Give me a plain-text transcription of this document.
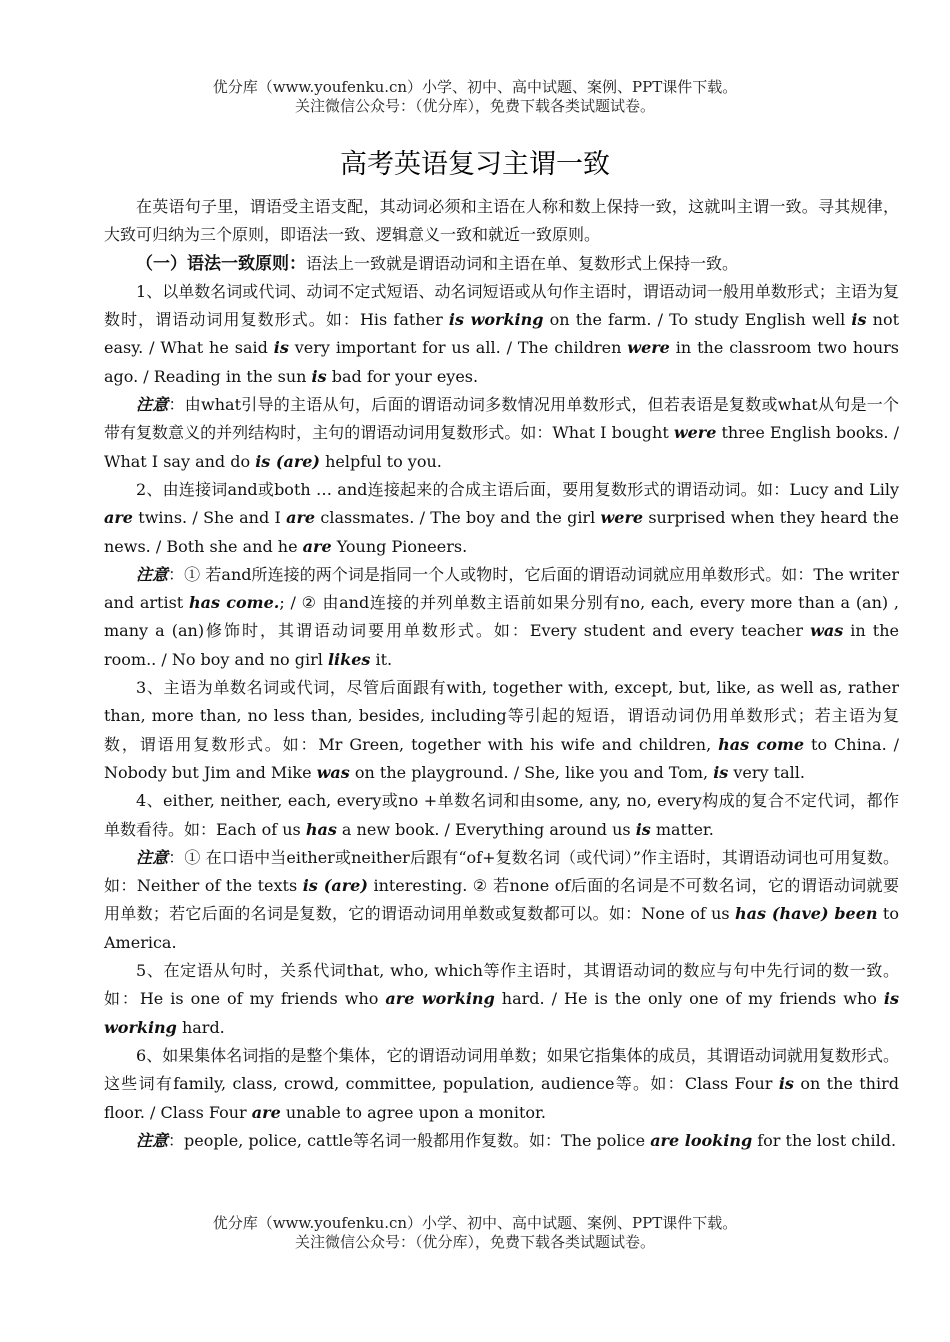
优分库（www.youfenku.cn）小学、初中、高中试题、案例、PPT课件下载。
关注微信公众号：（优分库），免费下载各类试题试卷。
高考英语复习主谓一致

在英语句子里，谓语受主语支配，其动词必须和主语在人称和数上保持一致，这就叫主谓一致。寻其规律，大致可归纳为三个原则，即语法一致、逻辑意义一致和就近一致原则。

（一）语法一致原则：语法上一致就是谓语动词和主语在单、复数形式上保持一致。

1、以单数名词或代词、动词不定式短语、动名词短语或从句作主语时，谓语动词一般用单数形式；主语为复数时，谓语动词用复数形式。如：His father is working on the farm. / To study English well is not easy. / What he said is very important for us all. / The children were in the classroom two hours ago. / Reading in the sun is bad for your eyes.

注意：由what引导的主语从句，后面的谓语动词多数情况用单数形式，但若表语是复数或what从句是一个带有复数意义的并列结构时，主句的谓语动词用复数形式。如：What I bought were three English books. / What I say and do is (are) helpful to you.

2、由连接词and或both … and连接起来的合成主语后面，要用复数形式的谓语动词。如：Lucy and Lily are twins. / She and I are classmates. / The boy and the girl were surprised when they heard the news. / Both she and he are Young Pioneers.

注意：① 若and所连接的两个词是指同一个人或物时，它后面的谓语动词就应用单数形式。如：The writer and artist has come.; / ② 由and连接的并列单数主语前如果分别有no, each, every more than a (an) , many a (an)修饰时，其谓语动词要用单数形式。如：Every student and every teacher was in the room.. / No boy and no girl likes it.

3、主语为单数名词或代词，尽管后面跟有with, together with, except, but, like, as well as, rather than, more than, no less than, besides, including等引起的短语，谓语动词仍用单数形式；若主语为复数，谓语用复数形式。如：Mr Green, together with his wife and children, has come to China. / Nobody but Jim and Mike was on the playground. / She, like you and Tom, is very tall.

4、either, neither, each, every或no +单数名词和由some, any, no, every构成的复合不定代词，都作单数看待。如：Each of us has a new book. / Everything around us is matter.

注意：① 在口语中当either或neither后跟有“of+复数名词（或代词）”作主语时，其谓语动词也可用复数。如：Neither of the texts is (are) interesting. ② 若none of后面的名词是不可数名词，它的谓语动词就要用单数；若它后面的名词是复数，它的谓语动词用单数或复数都可以。如：None of us has (have) been to America.

5、在定语从句时，关系代词that, who, which等作主语时，其谓语动词的数应与句中先行词的数一致。如：He is one of my friends who are working hard. / He is the only one of my friends who is working hard.

6、如果集体名词指的是整个集体，它的谓语动词用单数；如果它指集体的成员，其谓语动词就用复数形式。这些词有family, class, crowd, committee, population, audience等。如：Class Four is on the third floor. / Class Four are unable to agree upon a monitor.

注意：people, police, cattle等名词一般都用作复数。如：The police are looking for the lost child.

优分库（www.youfenku.cn）小学、初中、高中试题、案例、PPT课件下载。
关注微信公众号：（优分库），免费下载各类试题试卷。
